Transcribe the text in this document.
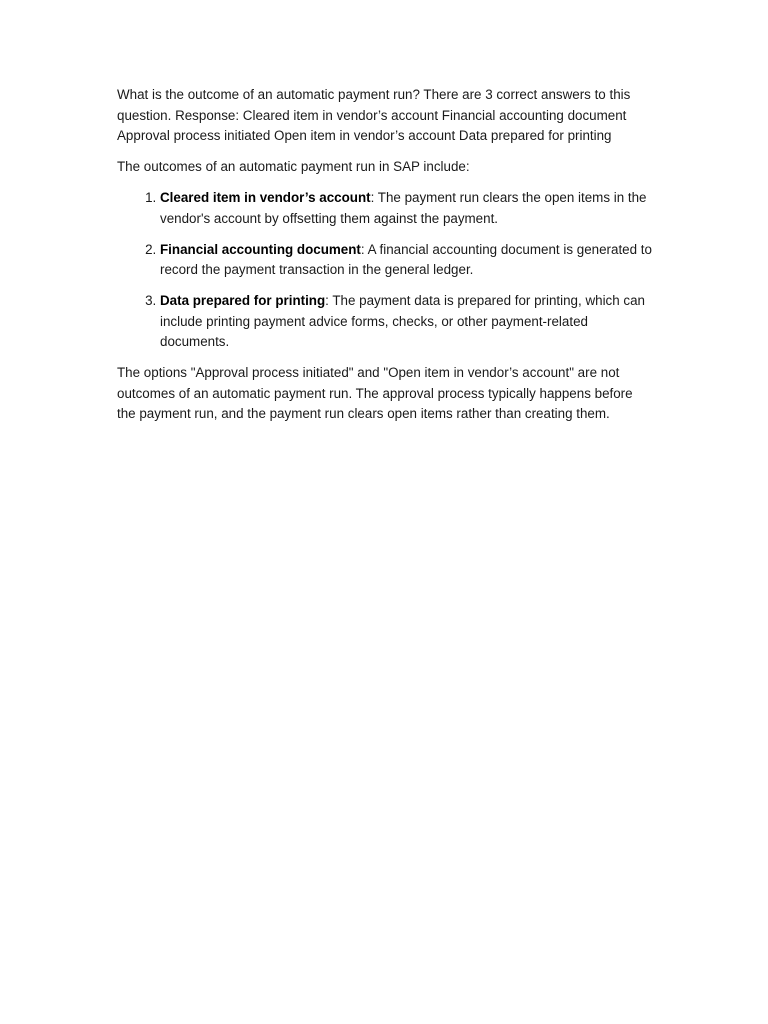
What is the outcome of an automatic payment run? There are 3 correct answers to this question. Response: Cleared item in vendor’s account Financial accounting document Approval process initiated Open item in vendor’s account Data prepared for printing

The outcomes of an automatic payment run in SAP include:

1. Cleared item in vendor’s account: The payment run clears the open items in the vendor's account by offsetting them against the payment.
2. Financial accounting document: A financial accounting document is generated to record the payment transaction in the general ledger.
3. Data prepared for printing: The payment data is prepared for printing, which can include printing payment advice forms, checks, or other payment-related documents.

The options "Approval process initiated" and "Open item in vendor’s account" are not outcomes of an automatic payment run. The approval process typically happens before the payment run, and the payment run clears open items rather than creating them.
